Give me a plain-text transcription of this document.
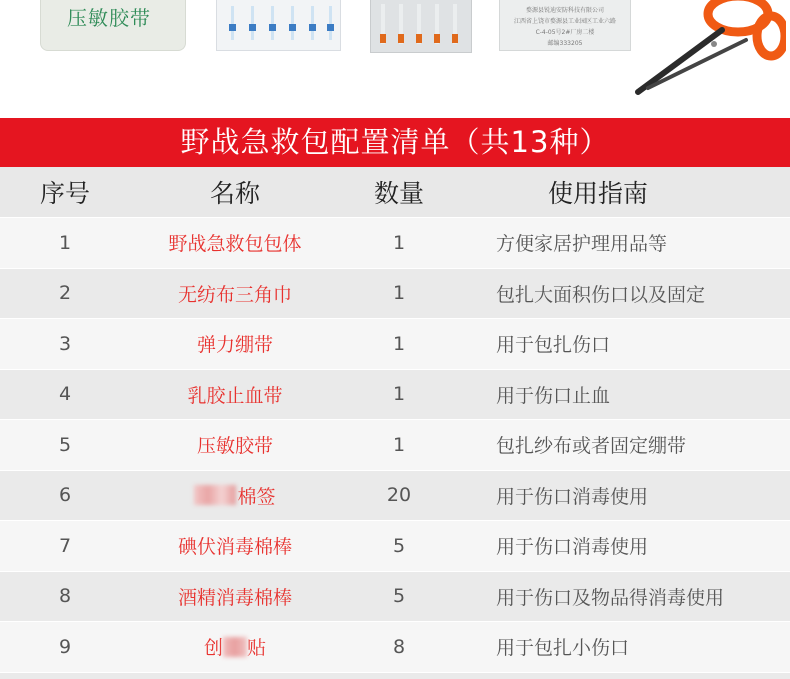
压敏胶带	婺源县锐迪安防科技有限公司
江西省上饶市婺源县工业园区工业六路
C-4-05号2#厂房二楼
邮编333205
野战急救包配置清单（共13种）
序号	名称	数量	使用指南
1	野战急救包包体	1	方便家居护理用品等
2	无纺布三角巾	1	包扎大面积伤口以及固定
3	弹力绷带	1	用于包扎伤口
4	乳胶止血带	1	用于伤口止血
5	压敏胶带	1	包扎纱布或者固定绷带
6	棉签	20	用于伤口消毒使用
7	碘伏消毒棉棒	5	用于伤口消毒使用
8	酒精消毒棉棒	5	用于伤口及物品得消毒使用
9	创 贴	8	用于包扎小伤口
